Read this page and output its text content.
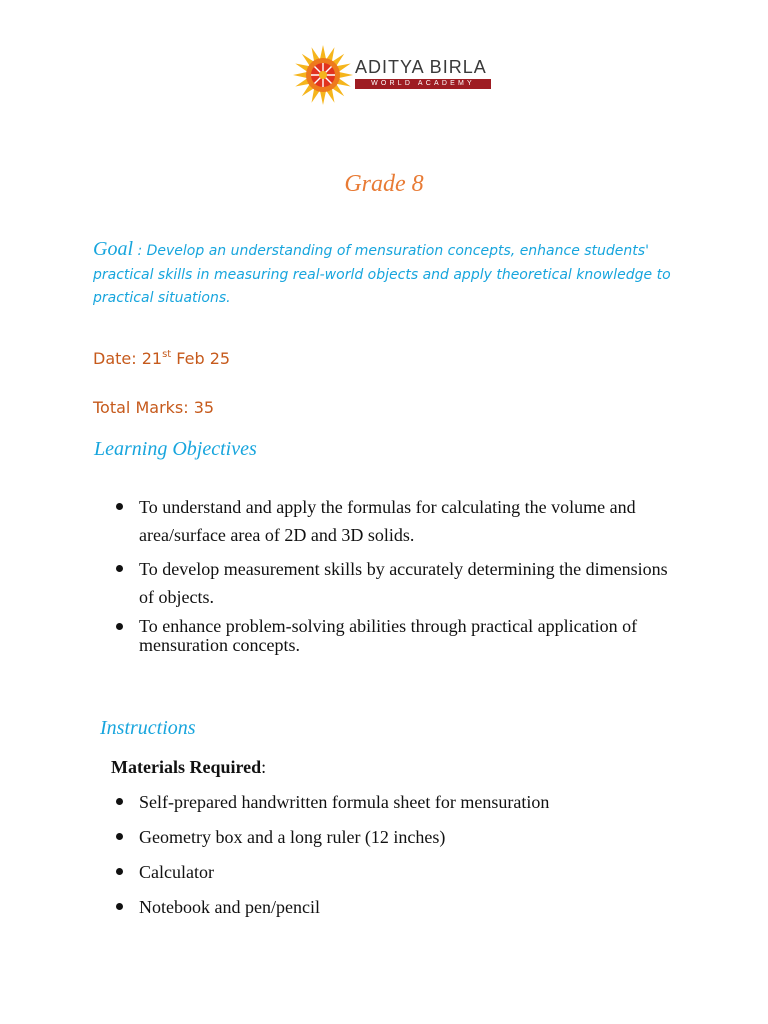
ADITYA BIRLA
WORLD ACADEMY
Grade 8
Goal : Develop an understanding of mensuration concepts, enhance students' practical skills in measuring real-world objects and apply theoretical knowledge to practical situations.
Date: 21st Feb 25
Total Marks: 35
Learning Objectives
To understand and apply the formulas for calculating the volume and area/surface area of 2D and 3D solids.
To develop measurement skills by accurately determining the dimensions of objects.
To enhance problem-solving abilities through practical application of mensuration concepts.
Instructions
Materials Required:
Self-prepared handwritten formula sheet for mensuration
Geometry box and a long ruler (12 inches)
Calculator
Notebook and pen/pencil
